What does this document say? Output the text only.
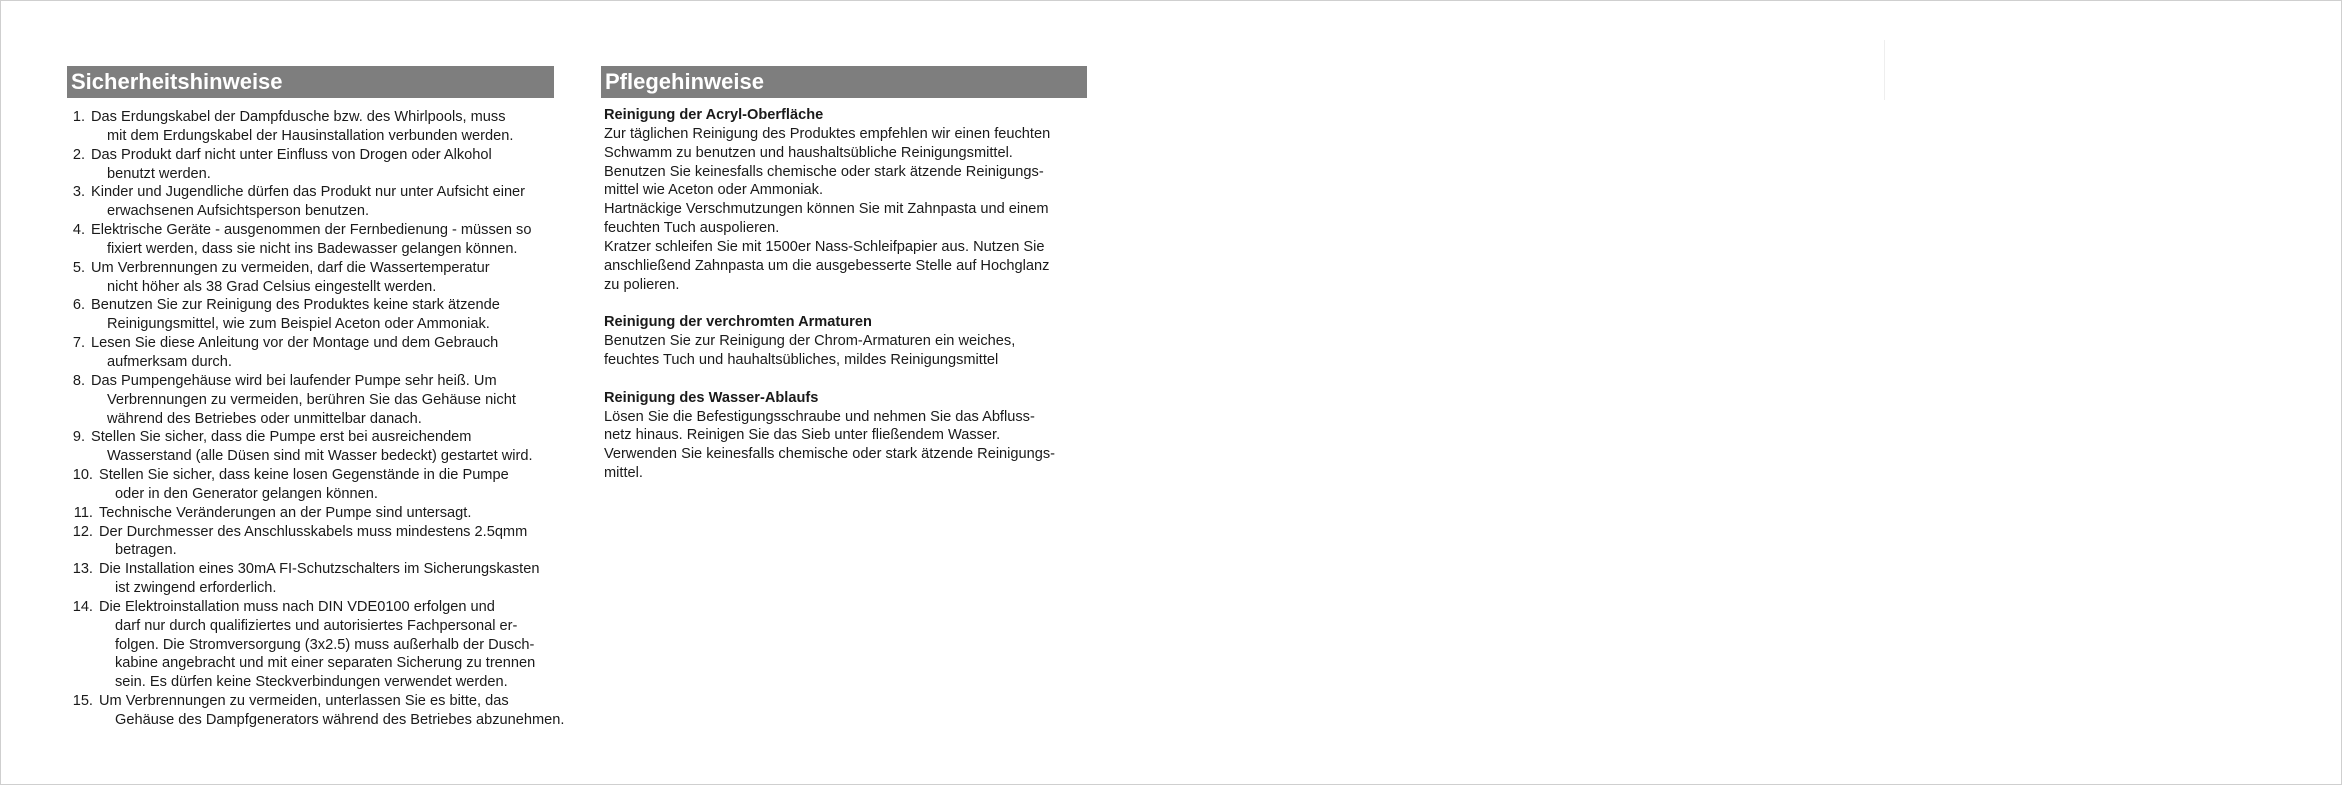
Sicherheitshinweise
1. Das Erdungskabel der Dampfdusche bzw. des Whirlpools, muss
mit dem Erdungskabel der Hausinstallation verbunden werden.
2. Das Produkt darf nicht unter Einfluss von Drogen oder Alkohol
benutzt werden.
3. Kinder und Jugendliche dürfen das Produkt nur unter Aufsicht einer
erwachsenen Aufsichtsperson benutzen.
4. Elektrische Geräte - ausgenommen der Fernbedienung - müssen so
fixiert werden, dass sie nicht ins Badewasser gelangen können.
5. Um Verbrennungen zu vermeiden, darf die Wassertemperatur
nicht höher als 38 Grad Celsius eingestellt werden.
6. Benutzen Sie zur Reinigung des Produktes keine stark ätzende
Reinigungsmittel, wie zum Beispiel Aceton oder Ammoniak.
7. Lesen Sie diese Anleitung vor der Montage und dem Gebrauch
aufmerksam durch.
8. Das Pumpengehäuse wird bei laufender Pumpe sehr heiß. Um
Verbrennungen zu vermeiden, berühren Sie das Gehäuse nicht
während des Betriebes oder unmittelbar danach.
9. Stellen Sie sicher, dass die Pumpe erst bei ausreichendem
Wasserstand (alle Düsen sind mit Wasser bedeckt) gestartet wird.
10. Stellen Sie sicher, dass keine losen Gegenstände in die Pumpe
oder in den Generator gelangen können.
11. Technische Veränderungen an der Pumpe sind untersagt.
12. Der Durchmesser des Anschlusskabels muss mindestens 2.5qmm
betragen.
13. Die Installation eines 30mA FI-Schutzschalters im Sicherungskasten
ist zwingend erforderlich.
14. Die Elektroinstallation muss nach DIN VDE0100 erfolgen und
darf nur durch qualifiziertes und autorisiertes Fachpersonal er-
folgen. Die Stromversorgung (3x2.5) muss außerhalb der Dusch-
kabine angebracht und mit einer separaten Sicherung zu trennen
sein. Es dürfen keine Steckverbindungen verwendet werden.
15. Um Verbrennungen zu vermeiden, unterlassen Sie es bitte, das
Gehäuse des Dampfgenerators während des Betriebes abzunehmen.
Pflegehinweise
Reinigung der Acryl-Oberfläche
Zur täglichen Reinigung des Produktes empfehlen wir einen feuchten
Schwamm zu benutzen und haushaltsübliche Reinigungsmittel.
Benutzen Sie keinesfalls chemische oder stark ätzende Reinigungs-
mittel wie Aceton oder Ammoniak.
Hartnäckige Verschmutzungen können Sie mit Zahnpasta und einem
feuchten Tuch auspolieren.
Kratzer schleifen Sie mit 1500er Nass-Schleifpapier aus. Nutzen Sie
anschließend Zahnpasta um die ausgebesserte Stelle auf Hochglanz
zu polieren.
Reinigung der verchromten Armaturen
Benutzen Sie zur Reinigung der Chrom-Armaturen ein weiches,
feuchtes Tuch und hauhaltsübliches, mildes Reinigungsmittel
Reinigung des Wasser-Ablaufs
Lösen Sie die Befestigungsschraube und nehmen Sie das Abfluss-
netz hinaus. Reinigen Sie das Sieb unter fließendem Wasser.
Verwenden Sie keinesfalls chemische oder stark ätzende Reinigungs-
mittel.
